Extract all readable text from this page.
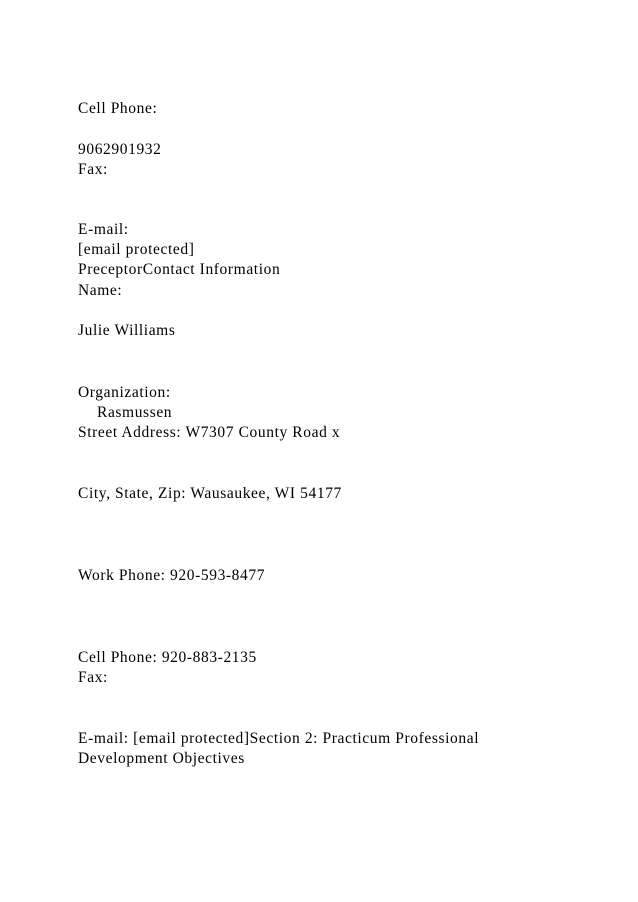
Cell Phone:
9062901932
Fax:
E-mail:
[email protected]
PreceptorContact Information
Name:
Julie Williams
Organization:
Rasmussen
Street Address: W7307 County Road x
City, State, Zip: Wausaukee, WI 54177
Work Phone: 920-593-8477
Cell Phone: 920-883-2135
Fax:
E-mail: [email protected]Section 2: Practicum Professional
Development Objectives
